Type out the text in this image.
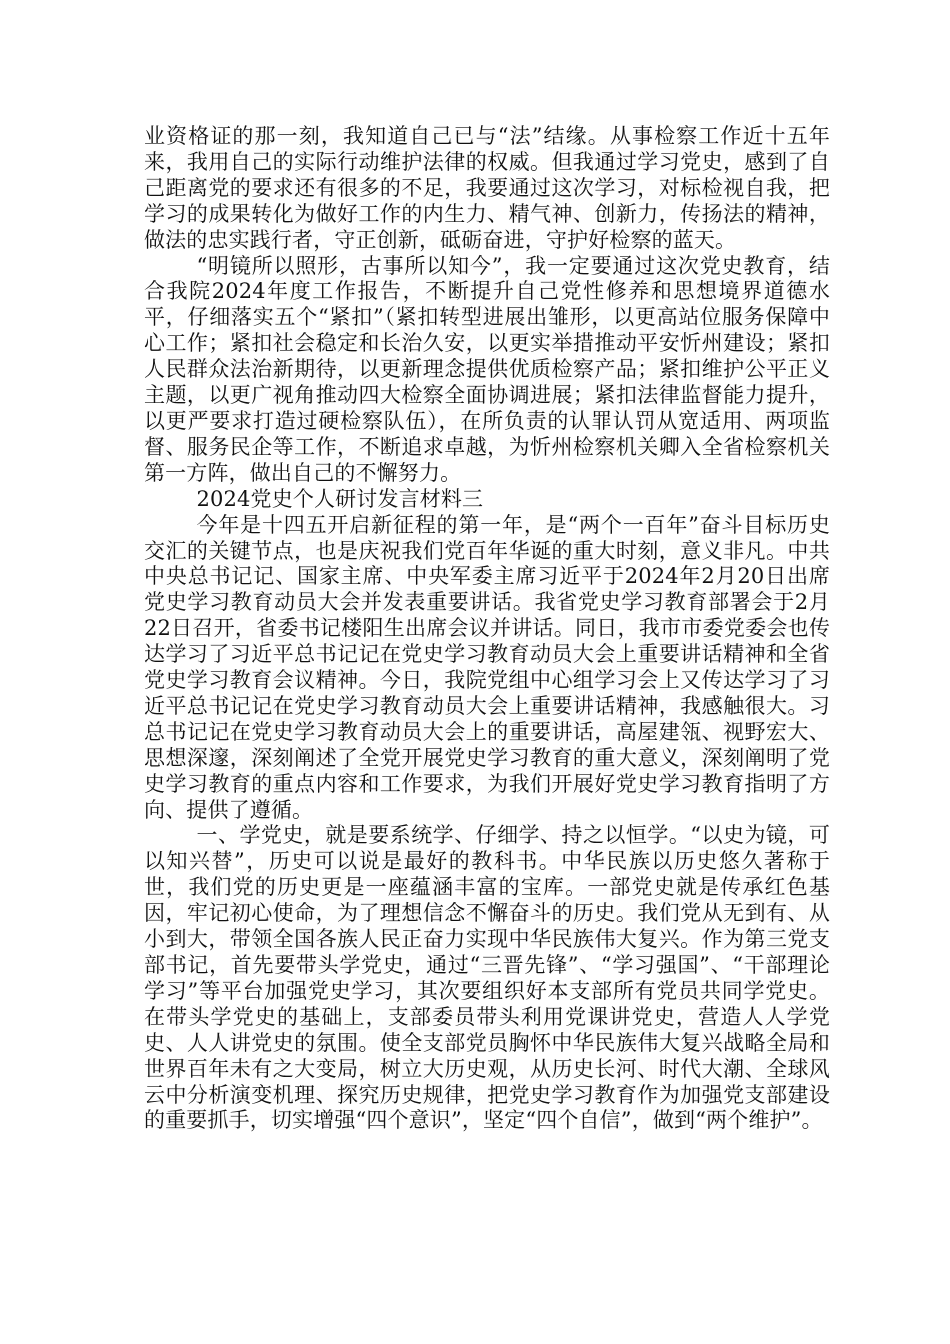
业资格证的那一刻，我知道自己已与“法”结缘。从事检察工作近十五年来，我用自己的实际行动维护法律的权威。但我通过学习党史，感到了自己距离党的要求还有很多的不足，我要通过这次学习，对标检视自我，把学习的成果转化为做好工作的内生力、精气神、创新力，传扬法的精神，做法的忠实践行者，守正创新，砥砺奋进，守护好检察的蓝天。

“明镜所以照形，古事所以知今”，我一定要通过这次党史教育，结合我院2024年度工作报告，不断提升自己党性修养和思想境界道德水平，仔细落实五个“紧扣”（紧扣转型进展出雏形，以更高站位服务保障中心工作；紧扣社会稳定和长治久安，以更实举措推动平安忻州建设；紧扣人民群众法治新期待，以更新理念提供优质检察产品；紧扣维护公平正义主题，以更广视角推动四大检察全面协调进展；紧扣法律监督能力提升，以更严要求打造过硬检察队伍），在所负责的认罪认罚从宽适用、两项监督、服务民企等工作，不断追求卓越，为忻州检察机关卿入全省检察机关第一方阵，做出自己的不懈努力。

2024党史个人研讨发言材料三

今年是十四五开启新征程的第一年，是“两个一百年”奋斗目标历史交汇的关键节点，也是庆祝我们党百年华诞的重大时刻，意义非凡。中共中央总书记记、国家主席、中央军委主席习近平于2024年2月20日出席党史学习教育动员大会并发表重要讲话。我省党史学习教育部署会于2月22日召开，省委书记楼阳生出席会议并讲话。同日，我市市委党委会也传达学习了习近平总书记记在党史学习教育动员大会上重要讲话精神和全省党史学习教育会议精神。今日，我院党组中心组学习会上又传达学习了习近平总书记记在党史学习教育动员大会上重要讲话精神，我感触很大。习总书记记在党史学习教育动员大会上的重要讲话，高屋建瓴、视野宏大、思想深邃，深刻阐述了全党开展党史学习教育的重大意义，深刻阐明了党史学习教育的重点内容和工作要求，为我们开展好党史学习教育指明了方向、提供了遵循。

一、学党史，就是要系统学、仔细学、持之以恒学。“以史为镜，可以知兴替”，历史可以说是最好的教科书。中华民族以历史悠久著称于世，我们党的历史更是一座蕴涵丰富的宝库。一部党史就是传承红色基因，牢记初心使命，为了理想信念不懈奋斗的历史。我们党从无到有、从小到大，带领全国各族人民正奋力实现中华民族伟大复兴。作为第三党支部书记，首先要带头学党史，通过“三晋先锋”、“学习强国”、“干部理论学习”等平台加强党史学习，其次要组织好本支部所有党员共同学党史。在带头学党史的基础上，支部委员带头利用党课讲党史，营造人人学党史、人人讲党史的氛围。使全支部党员胸怀中华民族伟大复兴战略全局和世界百年未有之大变局，树立大历史观，从历史长河、时代大潮、全球风云中分析演变机理、探究历史规律，把党史学习教育作为加强党支部建设的重要抓手，切实增强“四个意识”，坚定“四个自信”，做到“两个维护”。
